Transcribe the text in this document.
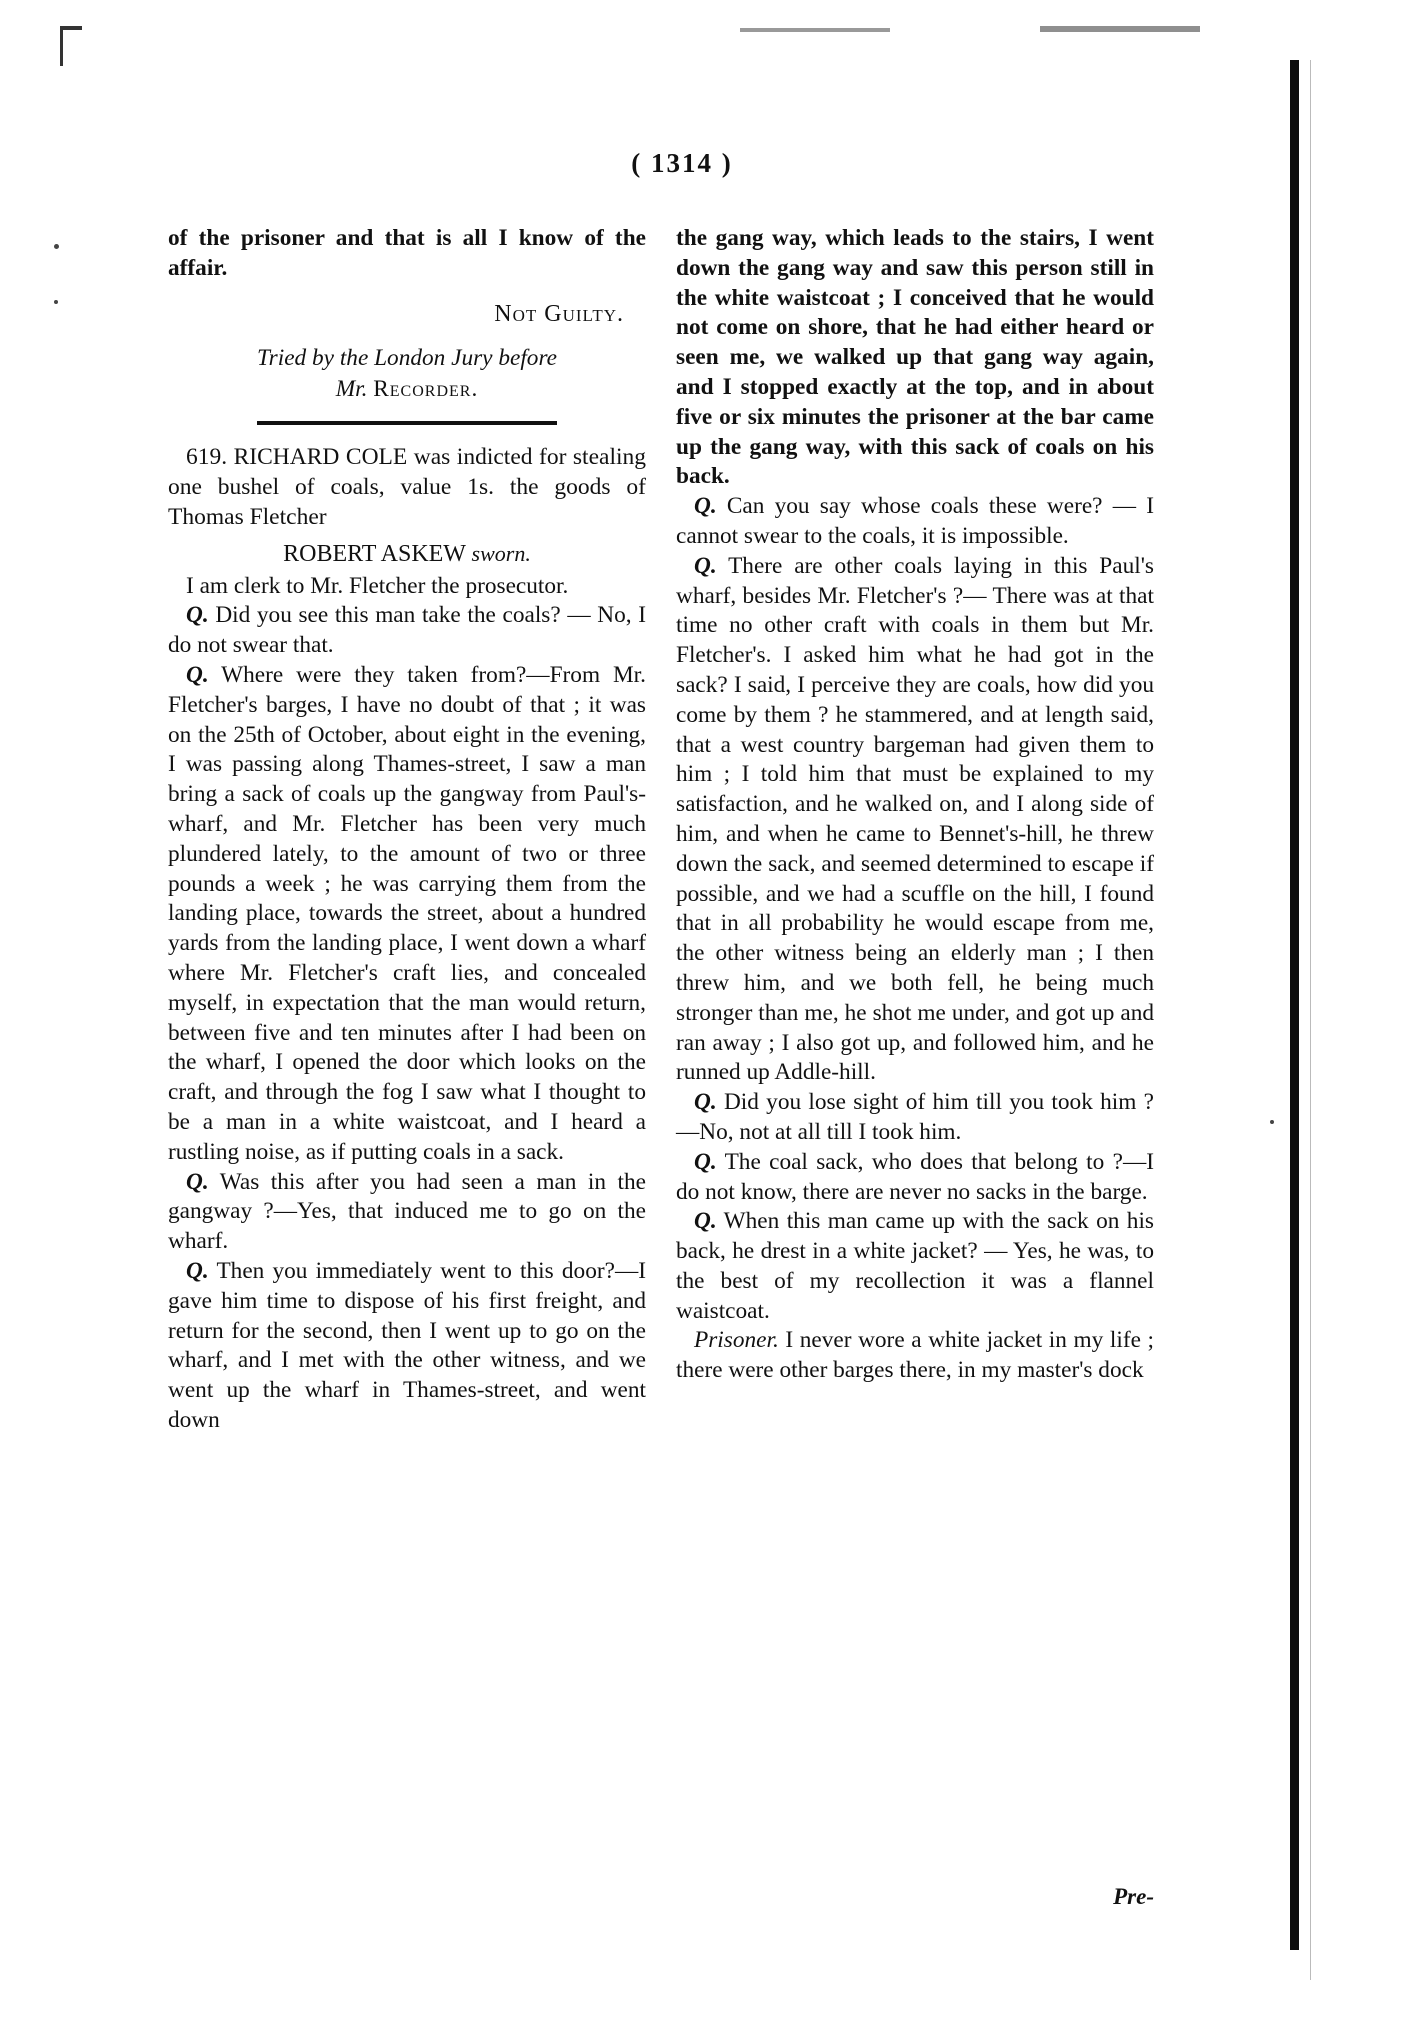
( 1314 )

of the prisoner and that is all I know of the affair.

Not Guilty.
Tried by the London Jury before
Mr. Recorder.

619. RICHARD COLE was indicted for stealing one bushel of coals, value 1s. the goods of Thomas Fletcher

ROBERT ASKEW sworn.

I am clerk to Mr. Fletcher the prosecutor.

Q. Did you see this man take the coals? — No, I do not swear that.

Q. Where were they taken from?—From Mr. Fletcher's barges, I have no doubt of that ; it was on the 25th of October, about eight in the evening, I was passing along Thames-street, I saw a man bring a sack of coals up the gangway from Paul's-wharf, and Mr. Fletcher has been very much plundered lately, to the amount of two or three pounds a week ; he was carrying them from the landing place, towards the street, about a hundred yards from the landing place, I went down a wharf where Mr. Fletcher's craft lies, and concealed myself, in expectation that the man would return, between five and ten minutes after I had been on the wharf, I opened the door which looks on the craft, and through the fog I saw what I thought to be a man in a white waistcoat, and I heard a rustling noise, as if putting coals in a sack.

Q. Was this after you had seen a man in the gangway ?—Yes, that induced me to go on the wharf.

Q. Then you immediately went to this door?—I gave him time to dispose of his first freight, and return for the second, then I went up to go on the wharf, and I met with the other witness, and we went up the wharf in Thames-street, and went down

the gang way, which leads to the stairs, I went down the gang way and saw this person still in the white waistcoat ; I conceived that he would not come on shore, that he had either heard or seen me, we walked up that gang way again, and I stopped exactly at the top, and in about five or six minutes the prisoner at the bar came up the gang way, with this sack of coals on his back.

Q. Can you say whose coals these were? — I cannot swear to the coals, it is impossible.

Q. There are other coals laying in this Paul's wharf, besides Mr. Fletcher's ?— There was at that time no other craft with coals in them but Mr. Fletcher's. I asked him what he had got in the sack? I said, I perceive they are coals, how did you come by them ? he stammered, and at length said, that a west country bargeman had given them to him ; I told him that must be explained to my satisfaction, and he walked on, and I along side of him, and when he came to Bennet's-hill, he threw down the sack, and seemed determined to escape if possible, and we had a scuffle on the hill, I found that in all probability he would escape from me, the other witness being an elderly man ; I then threw him, and we both fell, he being much stronger than me, he shot me under, and got up and ran away ; I also got up, and followed him, and he runned up Addle-hill.

Q. Did you lose sight of him till you took him ?—No, not at all till I took him.

Q. The coal sack, who does that belong to ?—I do not know, there are never no sacks in the barge.

Q. When this man came up with the sack on his back, he drest in a white jacket? — Yes, he was, to the best of my recollection it was a flannel waistcoat.

Prisoner. I never wore a white jacket in my life ; there were other barges there, in my master's dock

Pre-
